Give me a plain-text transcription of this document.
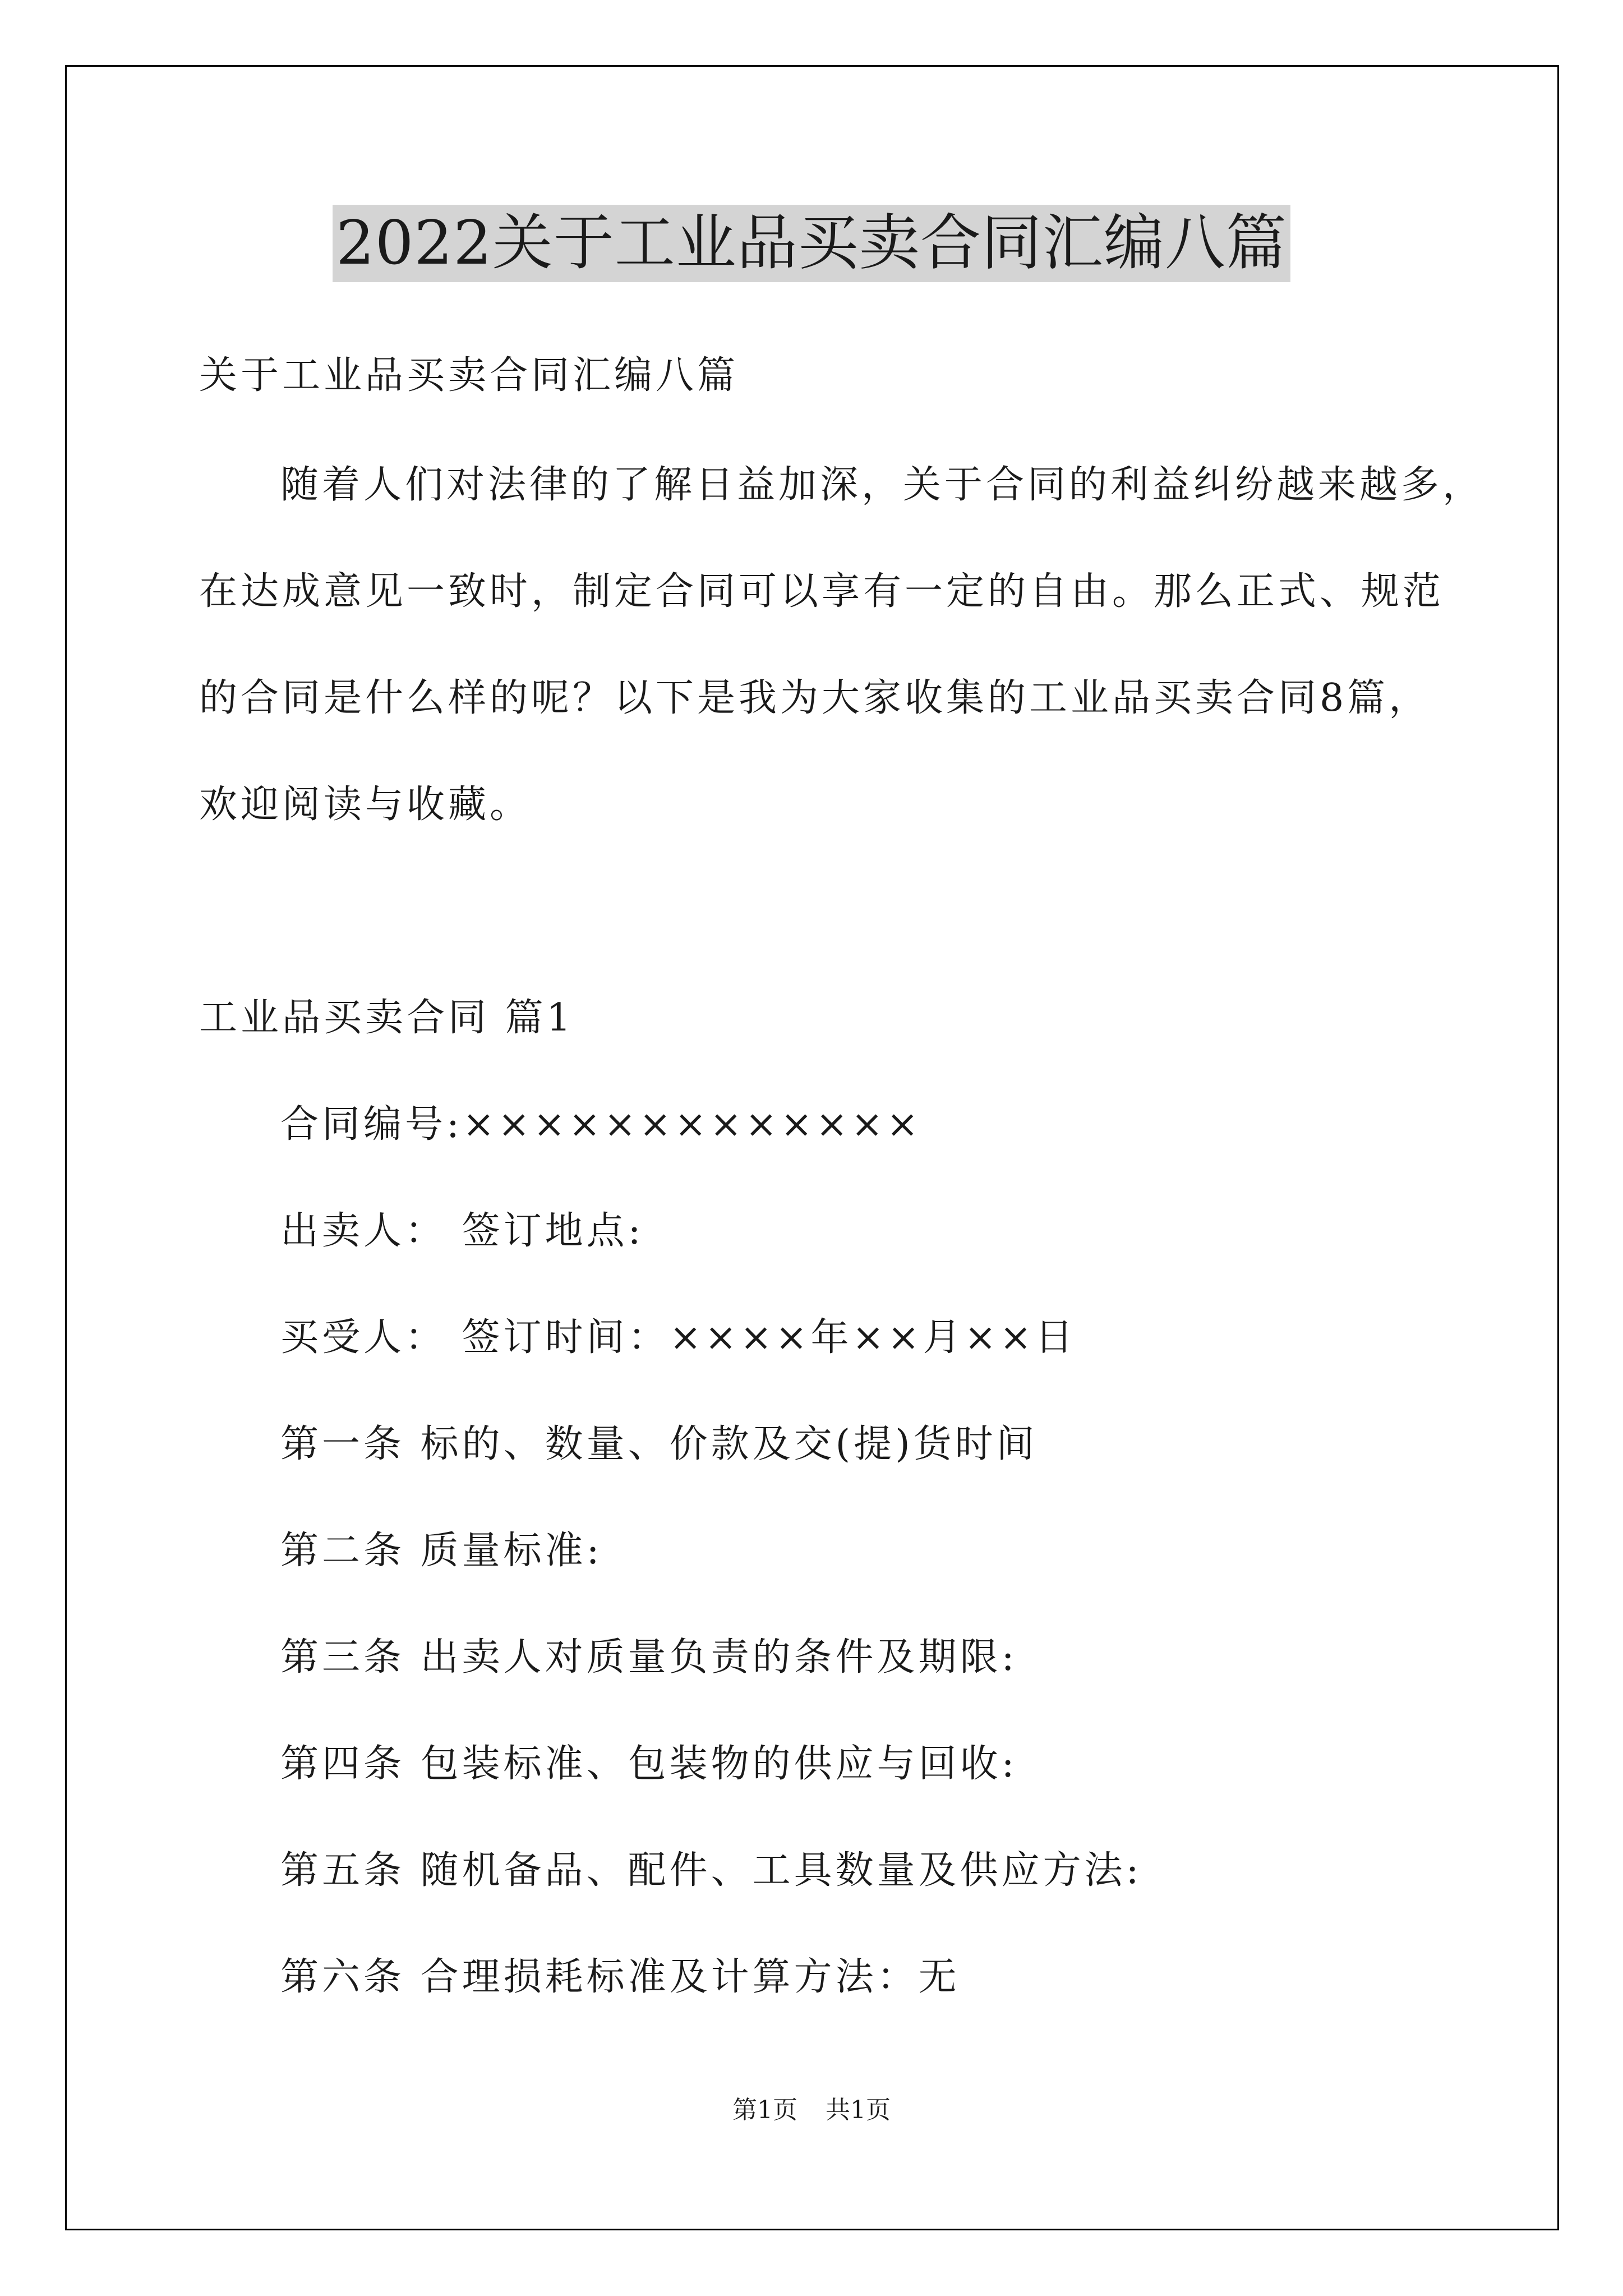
2022关于工业品买卖合同汇编八篇
关于工业品买卖合同汇编八篇
随着人们对法律的了解日益加深，关于合同的利益纠纷越来越多，
在达成意见一致时，制定合同可以享有一定的自由。那么正式、规范
的合同是什么样的呢？以下是我为大家收集的工业品买卖合同8篇，
欢迎阅读与收藏。
工业品买卖合同 篇1
合同编号:×××××××××××××
出卖人： 签订地点:
买受人： 签订时间：××××年××月××日
第一条 标的、数量、价款及交(提)货时间
第二条 质量标准:
第三条 出卖人对质量负责的条件及期限:
第四条 包装标准、包装物的供应与回收:
第五条 随机备品、配件、工具数量及供应方法:
第六条 合理损耗标准及计算方法：无
第1页 共1页
